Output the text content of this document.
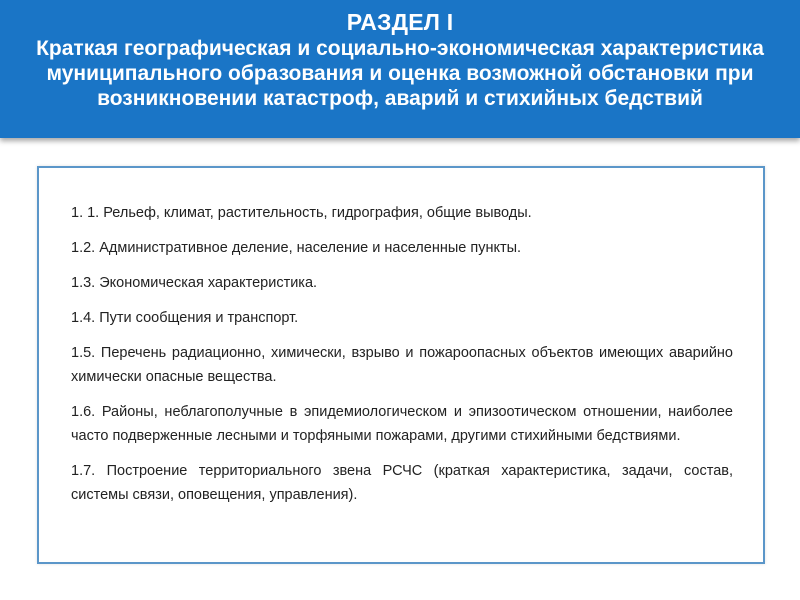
РАЗДЕЛ I
Краткая географическая и социально-экономическая характеристика муниципального образования и оценка возможной обстановки при возникновении катастроф, аварий и стихийных бедствий
1. 1. Рельеф, климат, растительность, гидрография, общие выводы.
1.2. Административное деление, население и населенные пункты.
1.3. Экономическая характеристика.
1.4. Пути сообщения и транспорт.
1.5. Перечень радиационно, химически, взрыво и пожароопасных объектов имеющих аварийно химически опасные вещества.
1.6. Районы, неблагополучные в эпидемиологическом и эпизоотическом отношении, наиболее часто подверженные лесными и торфяными пожарами, другими стихийными бедствиями.
1.7. Построение территориального звена РСЧС (краткая характеристика, задачи, состав, системы связи, оповещения, управления).
